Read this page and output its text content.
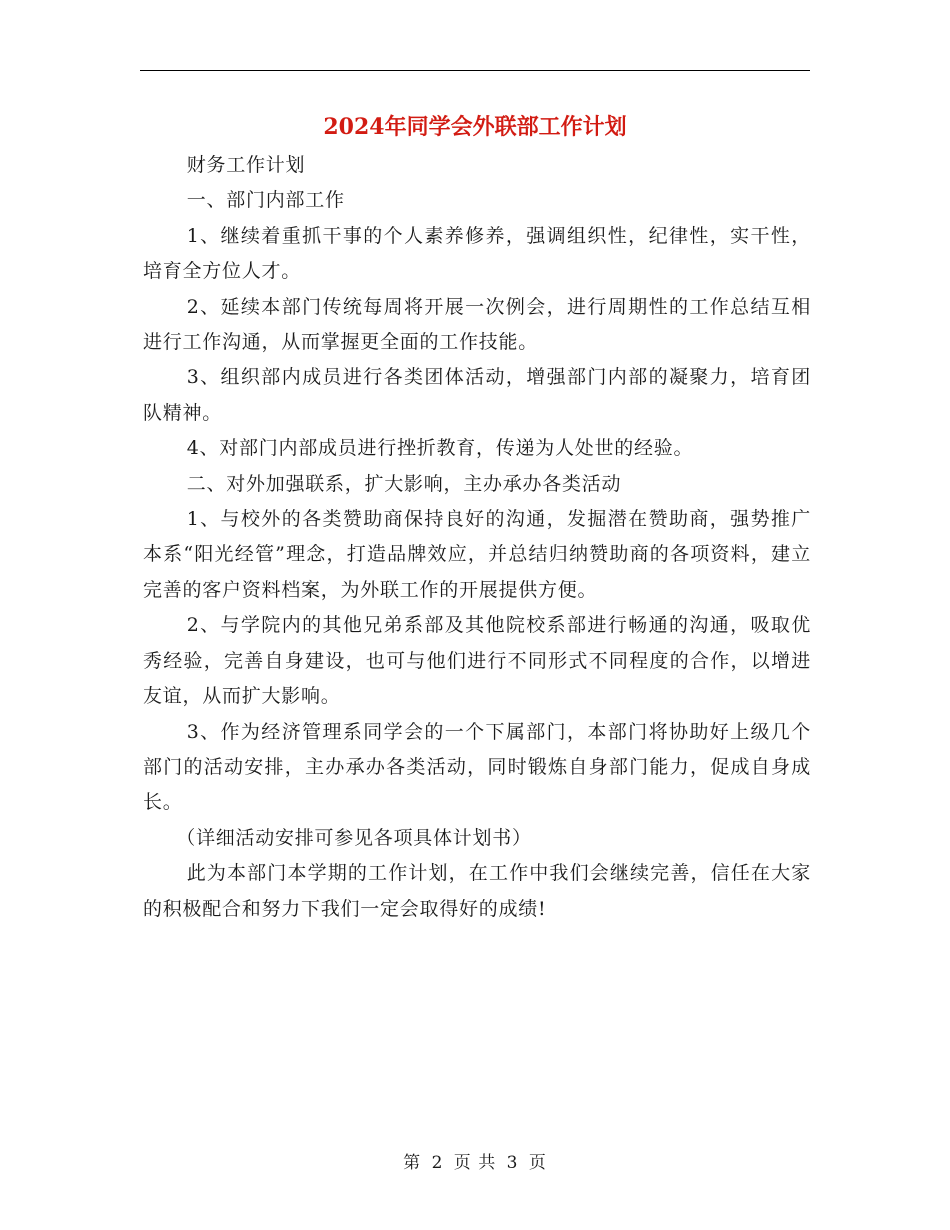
2024年同学会外联部工作计划

财务工作计划

一、部门内部工作

1、继续着重抓干事的个人素养修养，强调组织性，纪律性，实干性，培育全方位人才。

2、延续本部门传统每周将开展一次例会，进行周期性的工作总结互相进行工作沟通，从而掌握更全面的工作技能。

3、组织部内成员进行各类团体活动，增强部门内部的凝聚力，培育团队精神。

4、对部门内部成员进行挫折教育，传递为人处世的经验。

二、对外加强联系，扩大影响，主办承办各类活动

1、与校外的各类赞助商保持良好的沟通，发掘潜在赞助商，强势推广本系“阳光经管”理念，打造品牌效应，并总结归纳赞助商的各项资料，建立完善的客户资料档案，为外联工作的开展提供方便。

2、与学院内的其他兄弟系部及其他院校系部进行畅通的沟通，吸取优秀经验，完善自身建设，也可与他们进行不同形式不同程度的合作，以增进友谊，从而扩大影响。

3、作为经济管理系同学会的一个下属部门，本部门将协助好上级几个部门的活动安排，主办承办各类活动，同时锻炼自身部门能力，促成自身成长。

（详细活动安排可参见各项具体计划书）

此为本部门本学期的工作计划，在工作中我们会继续完善，信任在大家的积极配合和努力下我们一定会取得好的成绩!

第 2 页 共 3 页
